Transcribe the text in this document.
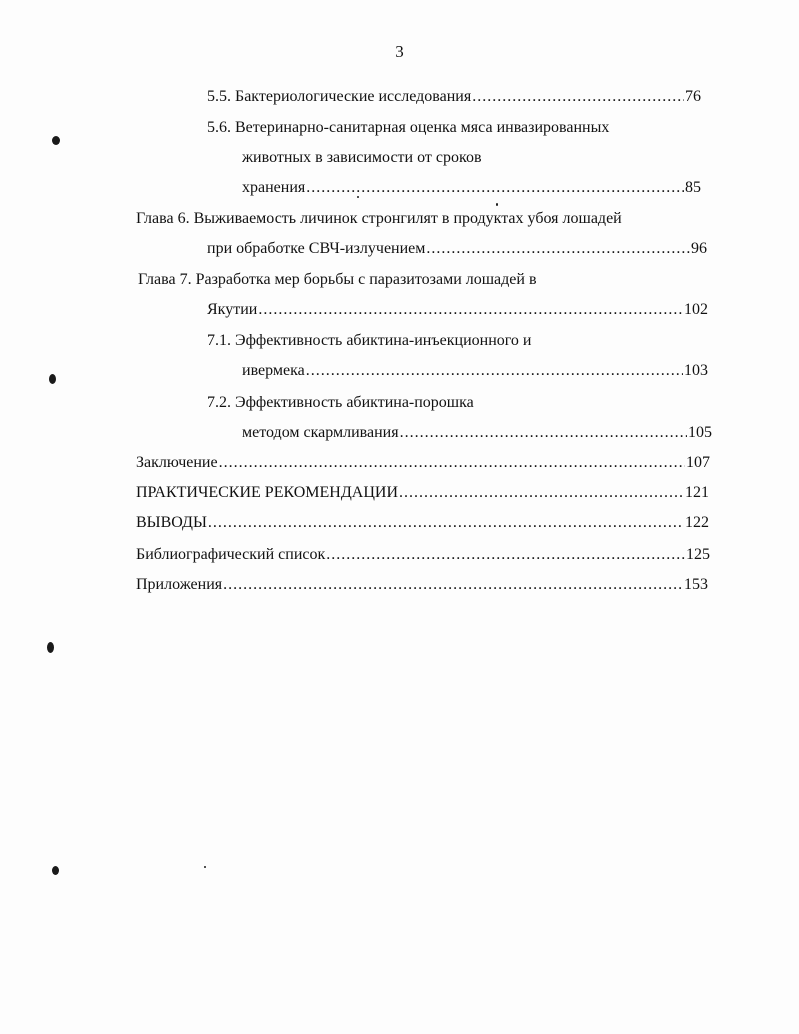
3
5.5. Бактериологические исследования .....	76
5.6. Ветеринарно-санитарная оценка мяса инвазированных
животных в зависимости от сроков
хранения .....	85
Глава 6. Выживаемость личинок стронгилят в продуктах убоя лошадей
при обработке СВЧ-излучением .....	96
Глава 7. Разработка мер борьбы с паразитозами лошадей в
Якутии .....	102
7.1. Эффективность абиктина-инъекционного и
ивермека .....	103
7.2. Эффективность абиктина-порошка
методом скармливания .....	105
Заключение .....	107
ПРАКТИЧЕСКИЕ РЕКОМЕНДАЦИИ .....	121
ВЫВОДЫ .....	122
Библиографический список .....	125
Приложения .....	153
